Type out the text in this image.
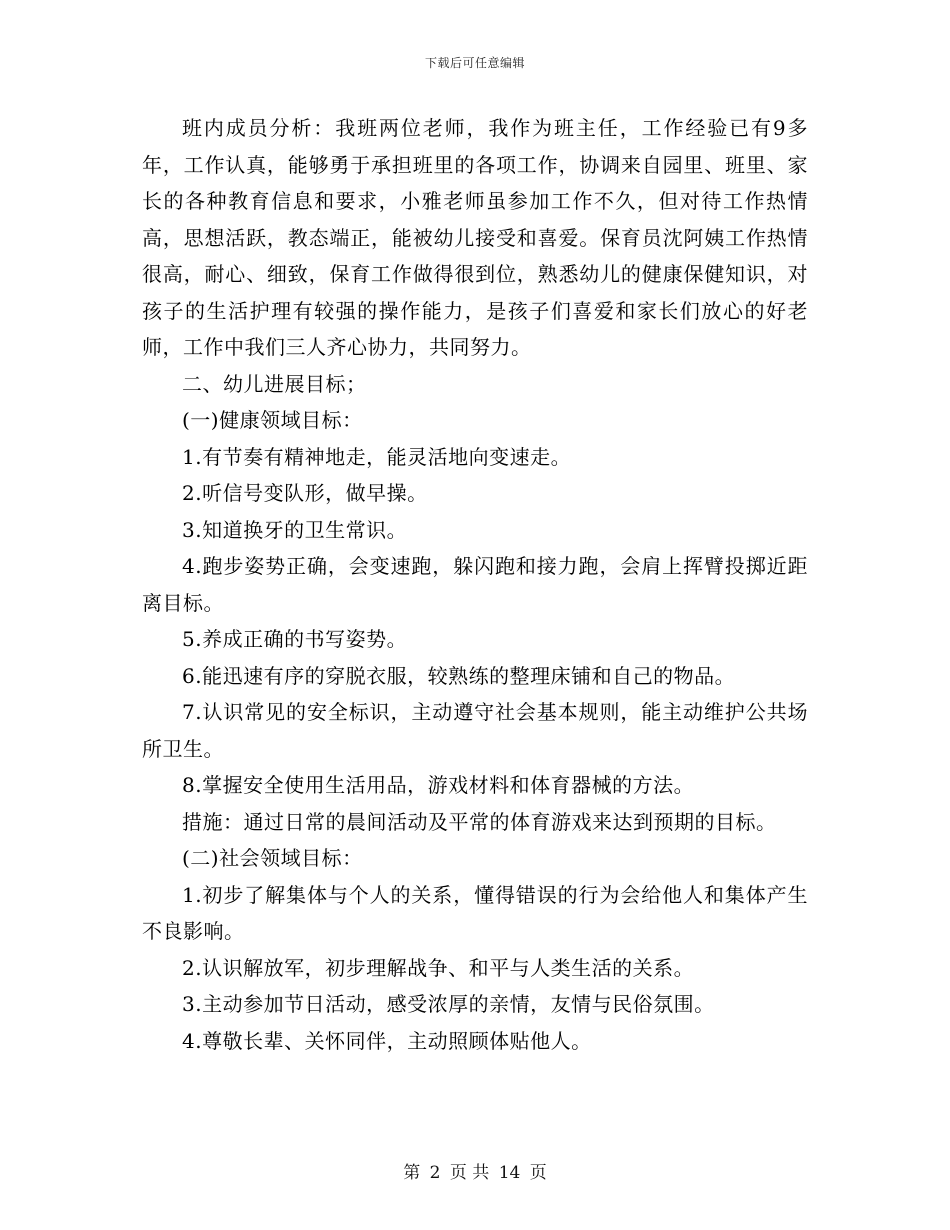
下载后可任意编辑

班内成员分析：我班两位老师，我作为班主任，工作经验已有9多年，工作认真，能够勇于承担班里的各项工作，协调来自园里、班里、家长的各种教育信息和要求，小雅老师虽参加工作不久，但对待工作热情高，思想活跃，教态端正，能被幼儿接受和喜爱。保育员沈阿姨工作热情很高，耐心、细致，保育工作做得很到位，熟悉幼儿的健康保健知识，对孩子的生活护理有较强的操作能力，是孩子们喜爱和家长们放心的好老师，工作中我们三人齐心协力，共同努力。

二、幼儿进展目标；

(一)健康领域目标：

1.有节奏有精神地走，能灵活地向变速走。

2.听信号变队形，做早操。

3.知道换牙的卫生常识。

4.跑步姿势正确，会变速跑，躲闪跑和接力跑，会肩上挥臂投掷近距离目标。

5.养成正确的书写姿势。

6.能迅速有序的穿脱衣服，较熟练的整理床铺和自己的物品。

7.认识常见的安全标识，主动遵守社会基本规则，能主动维护公共场所卫生。

8.掌握安全使用生活用品，游戏材料和体育器械的方法。

措施：通过日常的晨间活动及平常的体育游戏来达到预期的目标。

(二)社会领域目标：

1.初步了解集体与个人的关系，懂得错误的行为会给他人和集体产生不良影响。

2.认识解放军，初步理解战争、和平与人类生活的关系。

3.主动参加节日活动，感受浓厚的亲情，友情与民俗氛围。

4.尊敬长辈、关怀同伴，主动照顾体贴他人。

第 2 页 共 14 页
